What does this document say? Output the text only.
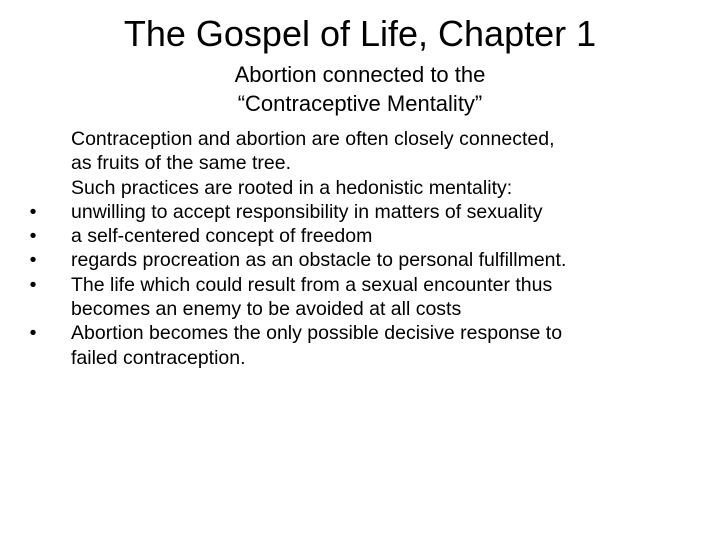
The Gospel of Life, Chapter 1
Abortion connected to the
“Contraceptive Mentality”
Contraception and abortion are often closely connected,
as fruits of the same tree.
Such practices are rooted in a hedonistic mentality:
•	unwilling to accept responsibility in matters of sexuality
•	a self-centered concept of freedom
•	regards procreation as an obstacle to personal fulfillment.
•	The life which could result from a sexual encounter thus
becomes an enemy to be avoided at all costs
•	Abortion becomes the only possible decisive response to
failed contraception.
